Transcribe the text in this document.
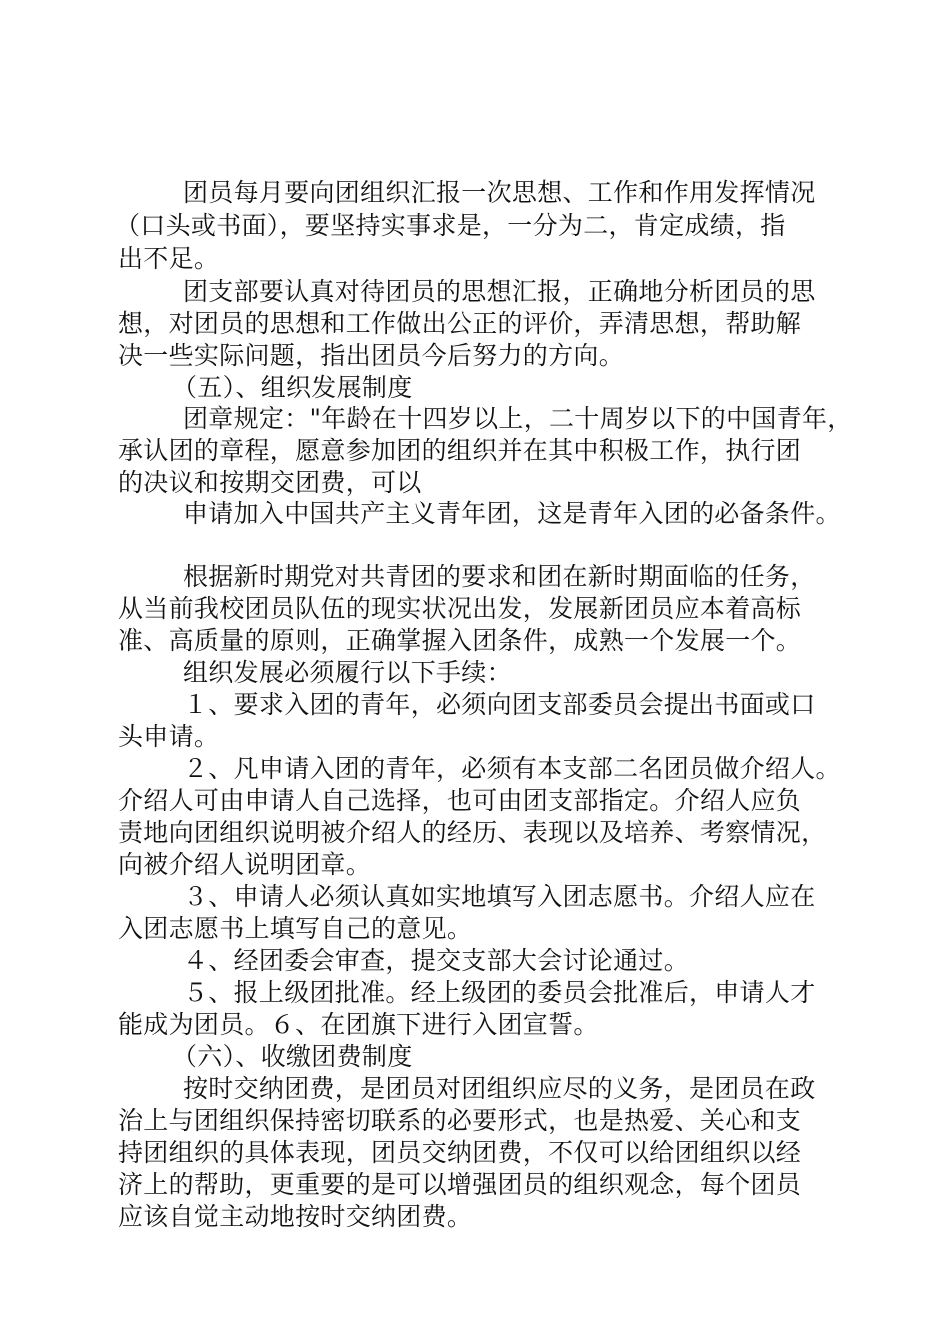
团员每月要向团组织汇报一次思想、工作和作用发挥情况
（口头或书面），要坚持实事求是，一分为二，肯定成绩，指
出不足。
团支部要认真对待团员的思想汇报，正确地分析团员的思
想，对团员的思想和工作做出公正的评价，弄清思想，帮助解
决一些实际问题，指出团员今后努力的方向。
（五）、组织发展制度
团章规定："年龄在十四岁以上，二十周岁以下的中国青年，
承认团的章程，愿意参加团的组织并在其中积极工作，执行团
的决议和按期交团费，可以
申请加入中国共产主义青年团，这是青年入团的必备条件。
根据新时期党对共青团的要求和团在新时期面临的任务，
从当前我校团员队伍的现实状况出发，发展新团员应本着高标
准、高质量的原则，正确掌握入团条件，成熟一个发展一个。
组织发展必须履行以下手续：
１、要求入团的青年，必须向团支部委员会提出书面或口
头申请。
２、凡申请入团的青年，必须有本支部二名团员做介绍人。
介绍人可由申请人自己选择，也可由团支部指定。介绍人应负
责地向团组织说明被介绍人的经历、表现以及培养、考察情况，
向被介绍人说明团章。
３、申请人必须认真如实地填写入团志愿书。介绍人应在
入团志愿书上填写自己的意见。
４、经团委会审查，提交支部大会讨论通过。
５、报上级团批准。经上级团的委员会批准后，申请人才
能成为团员。６、在团旗下进行入团宣誓。
（六）、收缴团费制度
按时交纳团费，是团员对团组织应尽的义务，是团员在政
治上与团组织保持密切联系的必要形式，也是热爱、关心和支
持团组织的具体表现，团员交纳团费，不仅可以给团组织以经
济上的帮助，更重要的是可以增强团员的组织观念，每个团员
应该自觉主动地按时交纳团费。
